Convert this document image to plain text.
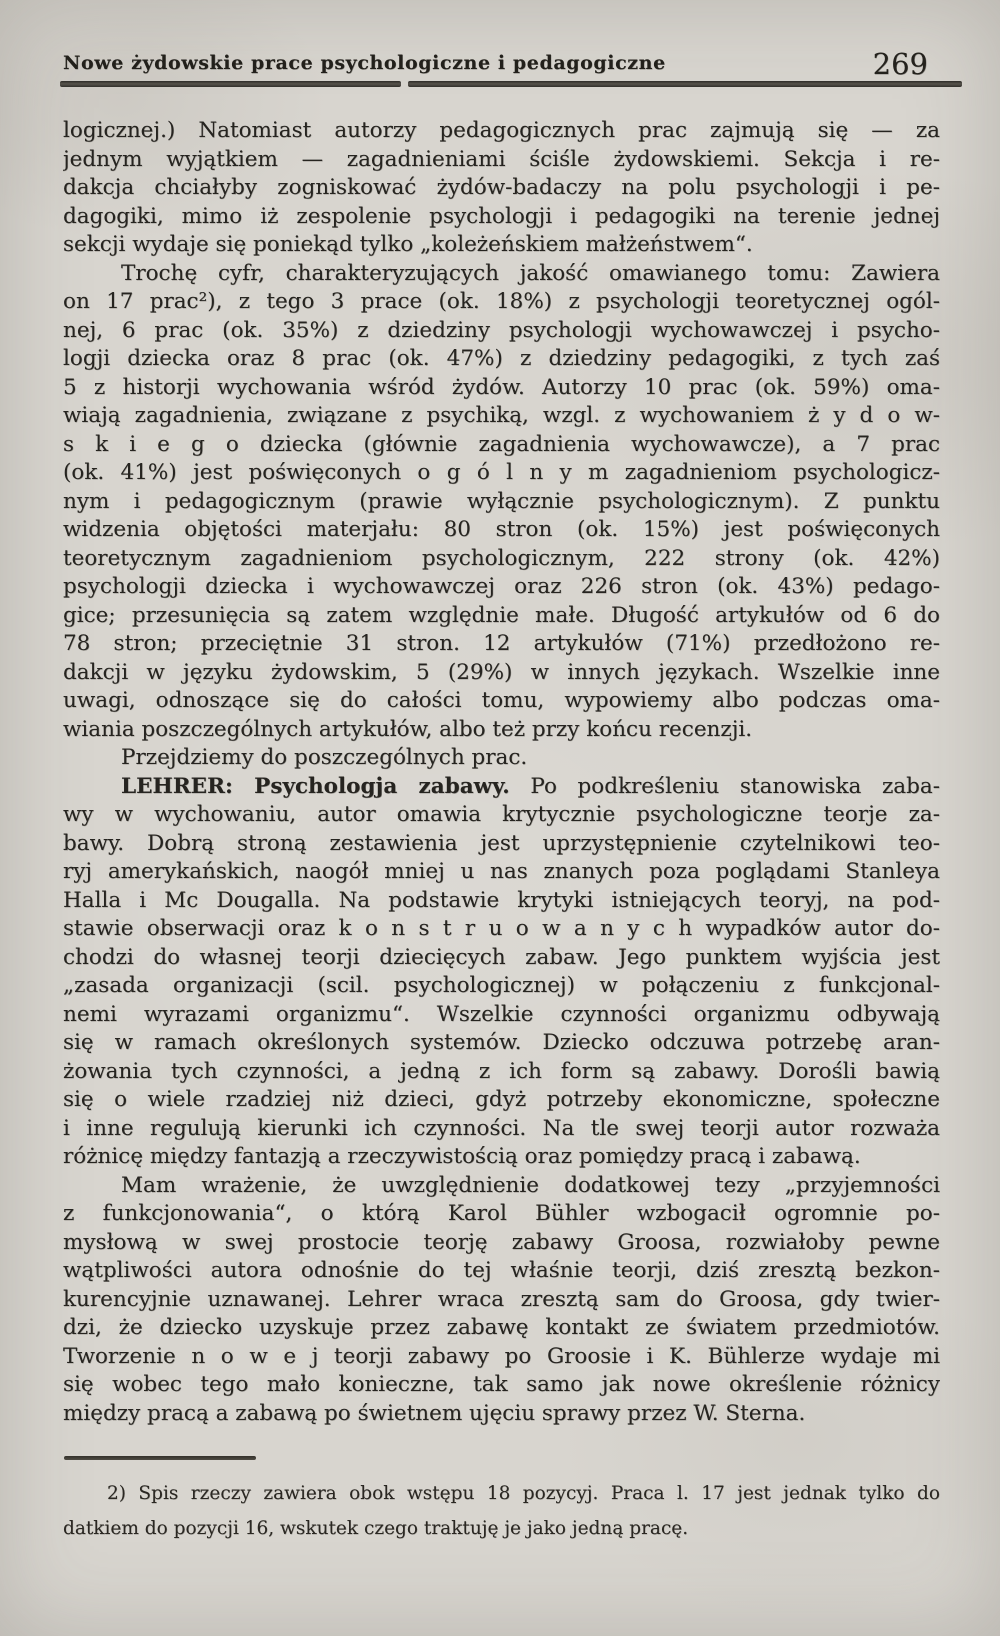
Nowe żydowskie prace psychologiczne i pedagogiczne	269

logicznej.) Natomiast autorzy pedagogicznych prac zajmują się — za
jednym wyjątkiem — zagadnieniami ściśle żydowskiemi. Sekcja i re-
dakcja chciałyby zogniskować żydów-badaczy na polu psychologji i pe-
dagogiki, mimo iż zespolenie psychologji i pedagogiki na terenie jednej
sekcji wydaje się poniekąd tylko „koleżeńskiem małżeństwem“.

Trochę cyfr, charakteryzujących jakość omawianego tomu: Zawiera
on 17 prac²), z tego 3 prace (ok. 18%) z psychologji teoretycznej ogól-
nej, 6 prac (ok. 35%) z dziedziny psychologji wychowawczej i psycho-
logji dziecka oraz 8 prac (ok. 47%) z dziedziny pedagogiki, z tych zaś
5 z historji wychowania wśród żydów. Autorzy 10 prac (ok. 59%) oma-
wiają zagadnienia, związane z psychiką, wzgl. z wychowaniem ż y d o w-
s k i e g o dziecka (głównie zagadnienia wychowawcze), a 7 prac
(ok. 41%) jest poświęconych o g ó l n y m zagadnieniom psychologicz-
nym i pedagogicznym (prawie wyłącznie psychologicznym). Z punktu
widzenia objętości materjału: 80 stron (ok. 15%) jest poświęconych
teoretycznym zagadnieniom psychologicznym, 222 strony (ok. 42%)
psychologji dziecka i wychowawczej oraz 226 stron (ok. 43%) pedago-
gice; przesunięcia są zatem względnie małe. Długość artykułów od 6 do
78 stron; przeciętnie 31 stron. 12 artykułów (71%) przedłożono re-
dakcji w języku żydowskim, 5 (29%) w innych językach. Wszelkie inne
uwagi, odnoszące się do całości tomu, wypowiemy albo podczas oma-
wiania poszczególnych artykułów, albo też przy końcu recenzji.

Przejdziemy do poszczególnych prac.

LEHRER: Psychologja zabawy. Po podkreśleniu stanowiska zaba-
wy w wychowaniu, autor omawia krytycznie psychologiczne teorje za-
bawy. Dobrą stroną zestawienia jest uprzystępnienie czytelnikowi teo-
ryj amerykańskich, naogół mniej u nas znanych poza poglądami Stanleya
Halla i Mc Dougalla. Na podstawie krytyki istniejących teoryj, na pod-
stawie obserwacji oraz k o n s t r u o w a n y c h wypadków autor do-
chodzi do własnej teorji dziecięcych zabaw. Jego punktem wyjścia jest
„zasada organizacji (scil. psychologicznej) w połączeniu z funkcjonal-
nemi wyrazami organizmu“. Wszelkie czynności organizmu odbywają
się w ramach określonych systemów. Dziecko odczuwa potrzebę aran-
żowania tych czynności, a jedną z ich form są zabawy. Dorośli bawią
się o wiele rzadziej niż dzieci, gdyż potrzeby ekonomiczne, społeczne
i inne regulują kierunki ich czynności. Na tle swej teorji autor rozważa
różnicę między fantazją a rzeczywistością oraz pomiędzy pracą i zabawą.

Mam wrażenie, że uwzględnienie dodatkowej tezy „przyjemności
z funkcjonowania“, o którą Karol Bühler wzbogacił ogromnie po-
mysłową w swej prostocie teorję zabawy Groosa, rozwiałoby pewne
wątpliwości autora odnośnie do tej właśnie teorji, dziś zresztą bezkon-
kurencyjnie uznawanej. Lehrer wraca zresztą sam do Groosa, gdy twier-
dzi, że dziecko uzyskuje przez zabawę kontakt ze światem przedmiotów.
Tworzenie n o w e j teorji zabawy po Groosie i K. Bühlerze wydaje mi
się wobec tego mało konieczne, tak samo jak nowe określenie różnicy
między pracą a zabawą po świetnem ujęciu sprawy przez W. Sterna.

2) Spis rzeczy zawiera obok wstępu 18 pozycyj. Praca l. 17 jest jednak tylko do
datkiem do pozycji 16, wskutek czego traktuję je jako jedną pracę.
